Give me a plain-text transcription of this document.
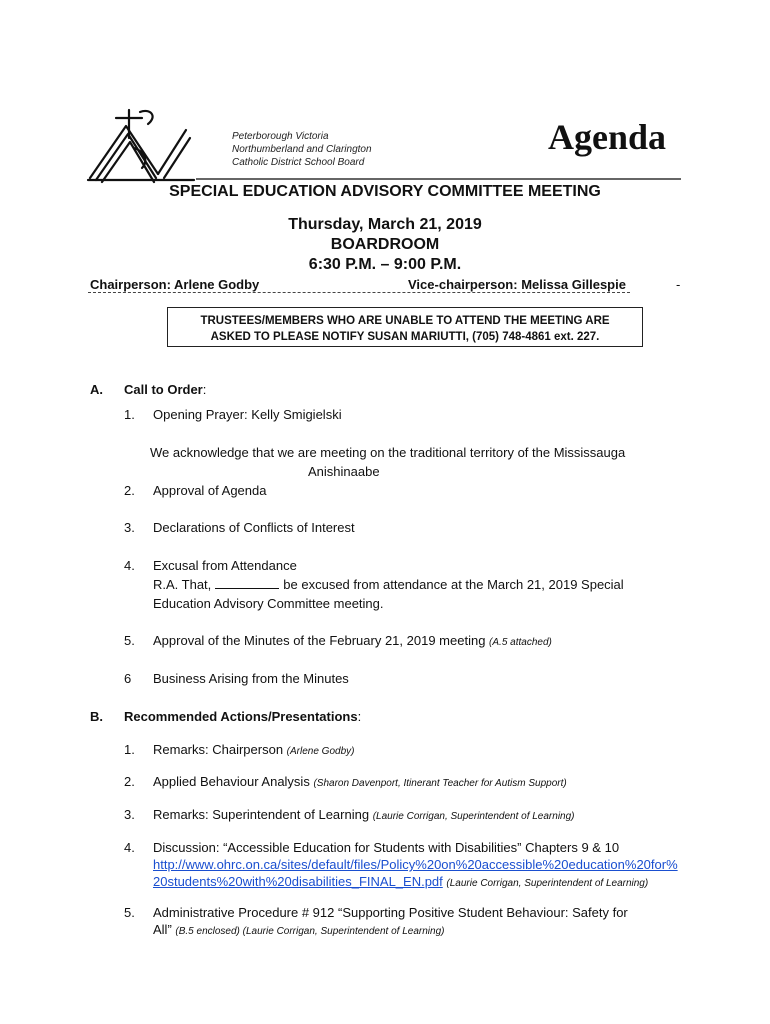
Peterborough Victoria
Northumberland and Clarington
Catholic District School Board
Agenda
SPECIAL EDUCATION ADVISORY COMMITTEE MEETING
Thursday, March 21, 2019
BOARDROOM
6:30 P.M. – 9:00 P.M.
Chairperson: Arlene Godby	Vice-chairperson: Melissa Gillespie	-
TRUSTEES/MEMBERS WHO ARE UNABLE TO ATTEND THE MEETING ARE
ASKED TO PLEASE NOTIFY SUSAN MARIUTTI, (705) 748-4861 ext. 227.
A. Call to Order:
1. Opening Prayer: Kelly Smigielski
We acknowledge that we are meeting on the traditional territory of the Mississauga
Anishinaabe
2. Approval of Agenda
3. Declarations of Conflicts of Interest
4. Excusal from Attendance
R.A. That,	be excused from attendance at the March 21, 2019 Special
Education Advisory Committee meeting.
5. Approval of the Minutes of the February 21, 2019 meeting (A.5 attached)
6 Business Arising from the Minutes
B. Recommended Actions/Presentations:
1. Remarks: Chairperson (Arlene Godby)
2. Applied Behaviour Analysis (Sharon Davenport, Itinerant Teacher for Autism Support)
3. Remarks: Superintendent of Learning (Laurie Corrigan, Superintendent of Learning)
4. Discussion: “Accessible Education for Students with Disabilities” Chapters 9 & 10
http://www.ohrc.on.ca/sites/default/files/Policy%20on%20accessible%20education%20for%
20students%20with%20disabilities_FINAL_EN.pdf (Laurie Corrigan, Superintendent of Learning)
5. Administrative Procedure # 912 “Supporting Positive Student Behaviour: Safety for
All” (B.5 enclosed) (Laurie Corrigan, Superintendent of Learning)
